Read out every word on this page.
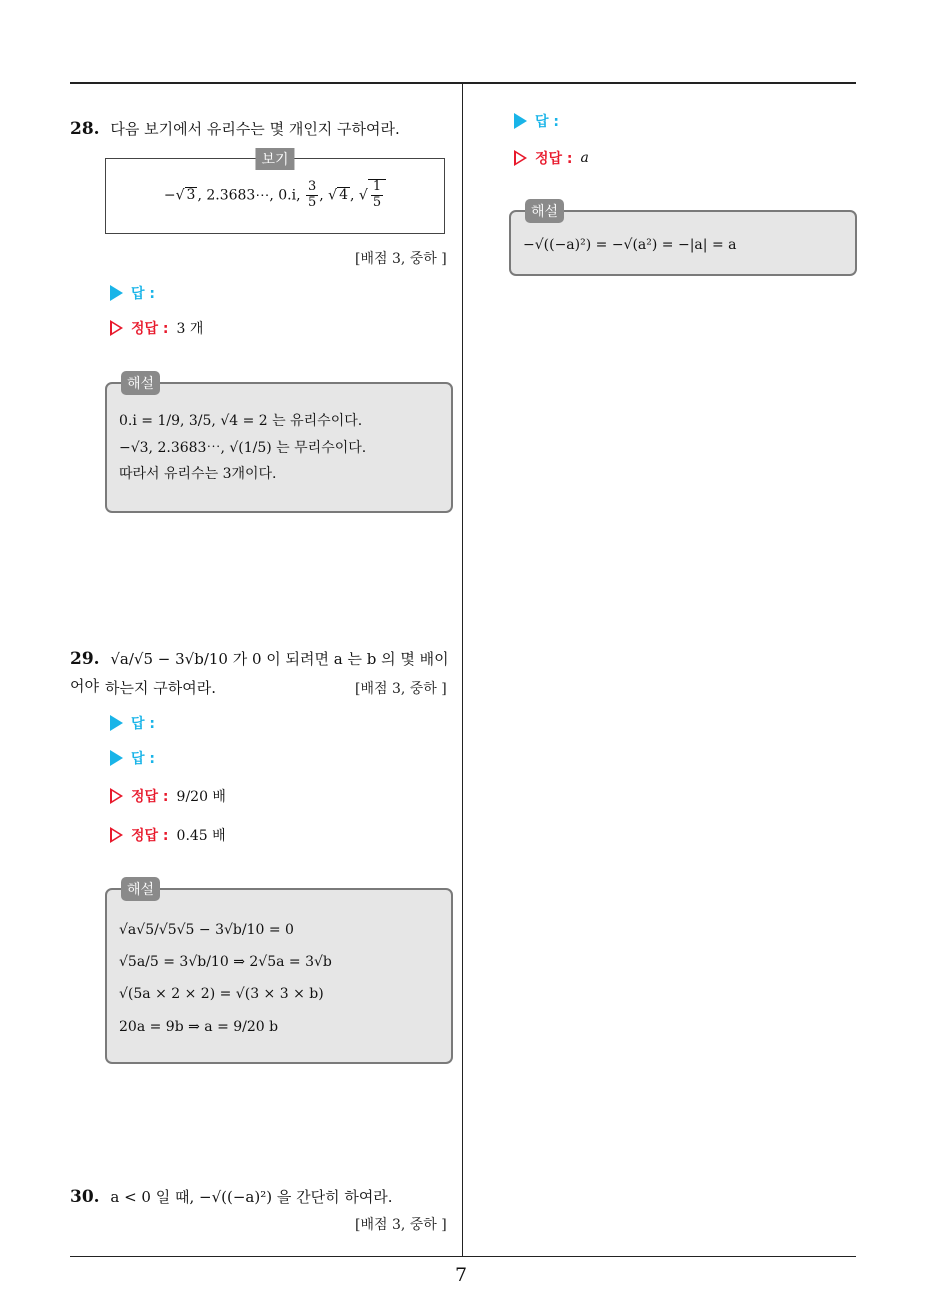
28. 다음 보기에서 유리수는 몇 개인지 구하여라.
보기
−√ 3 , 2.3683⋯, 0.i̇, $\frac{3}{5}$ , √ 4 , √ $\frac{1}{5}$
[배점 3, 중하 ]
답 :
정답 : 3 개
해설
0.i̇ = 1/9, 3/5, √4 = 2 는 유리수이다.
−√3, 2.3683⋯, √(1/5) 는 무리수이다.
따라서 유리수는 3개이다.
29. √a/√5 − 3√b/10 가 0 이 되려면 a 는 b 의 몇 배이어야 하는지 구하여라.	[배점 3, 중하 ]
답 :
답 :
정답 : 9/20 배
정답 : 0.45 배
해설
√a√5/√5√5 − 3√b/10 = 0
√5a/5 = 3√b/10 ⇒ 2√5a = 3√b
√(5a × 2 × 2) = √(3 × 3 × b)
20a = 9b ⇒ a = 9/20 b
30. a < 0 일 때, −√((−a)²) 을 간단히 하여라.
[배점 3, 중하 ]
답 :
정답 : a
해설
−√((−a)²) = −√(a²) = −|a| = a
7
